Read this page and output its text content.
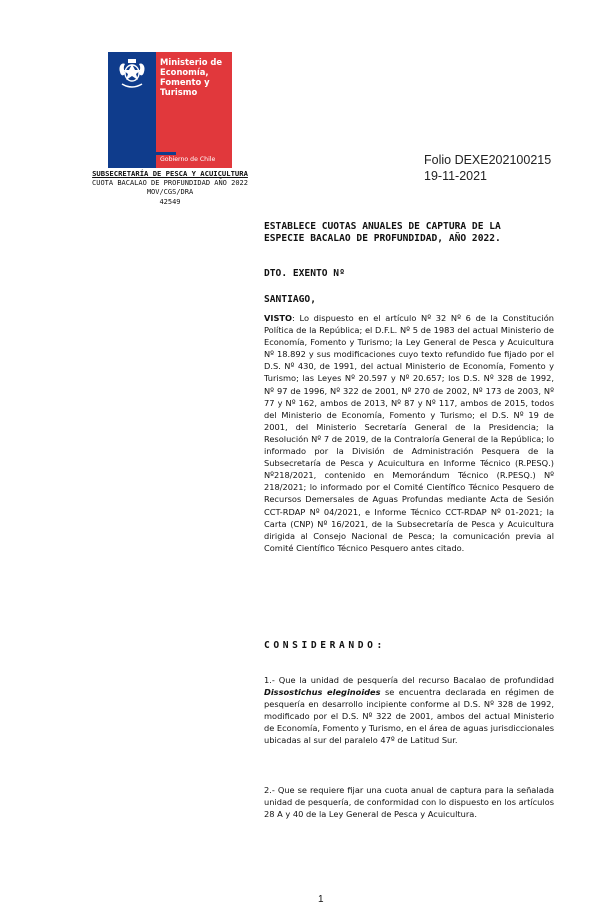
Ministerio de
Economía,
Fomento y
Turismo
Gobierno de Chile
SUBSECRETARÍA DE PESCA Y ACUICULTURA
CUOTA BACALAO DE PROFUNDIDAD AÑO 2022
MOV/CGS/DRA
42549
Folio DEXE202100215
19-11-2021
ESTABLECE CUOTAS ANUALES DE CAPTURA DE LA
ESPECIE BACALAO DE PROFUNDIDAD, AÑO 2022.
DTO. EXENTO Nº
SANTIAGO,
VISTO: Lo dispuesto en el artículo Nº 32 Nº 6 de la Constitución Política de la República; el D.F.L. Nº 5 de 1983 del actual Ministerio de Economía, Fomento y Turismo; la Ley General de Pesca y Acuicultura Nº 18.892 y sus modificaciones cuyo texto refundido fue fijado por el D.S. Nº 430, de 1991, del actual Ministerio de Economía, Fomento y Turismo; las Leyes Nº 20.597 y Nº 20.657; los D.S. Nº 328 de 1992, Nº 97 de 1996, Nº 322 de 2001, Nº 270 de 2002, Nº 173 de 2003, Nº 77 y Nº 162, ambos de 2013, Nº 87 y Nº 117, ambos de 2015, todos del Ministerio de Economía, Fomento y Turismo; el D.S. Nº 19 de 2001, del Ministerio Secretaría General de la Presidencia; la Resolución Nº 7 de 2019, de la Contraloría General de la República; lo informado por la División de Administración Pesquera de la Subsecretaría de Pesca y Acuicultura en Informe Técnico (R.PESQ.) Nº218/2021, contenido en Memorándum Técnico (R.PESQ.) Nº 218/2021; lo informado por el Comité Científico Técnico Pesquero de Recursos Demersales de Aguas Profundas mediante Acta de Sesión CCT-RDAP Nº 04/2021, e Informe Técnico CCT-RDAP Nº 01-2021; la Carta (CNP) Nº 16/2021, de la Subsecretaría de Pesca y Acuicultura dirigida al Consejo Nacional de Pesca; la comunicación previa al Comité Científico Técnico Pesquero antes citado.
CONSIDERANDO:
1.- Que la unidad de pesquería del recurso Bacalao de profundidad Dissostichus eleginoides se encuentra declarada en régimen de pesquería en desarrollo incipiente conforme al D.S. Nº 328 de 1992, modificado por el D.S. Nº 322 de 2001, ambos del actual Ministerio de Economía, Fomento y Turismo, en el área de aguas jurisdiccionales ubicadas al sur del paralelo 47º de Latitud Sur.
2.- Que se requiere fijar una cuota anual de captura para la señalada unidad de pesquería, de conformidad con lo dispuesto en los artículos 28 A y 40 de la Ley General de Pesca y Acuicultura.
1
